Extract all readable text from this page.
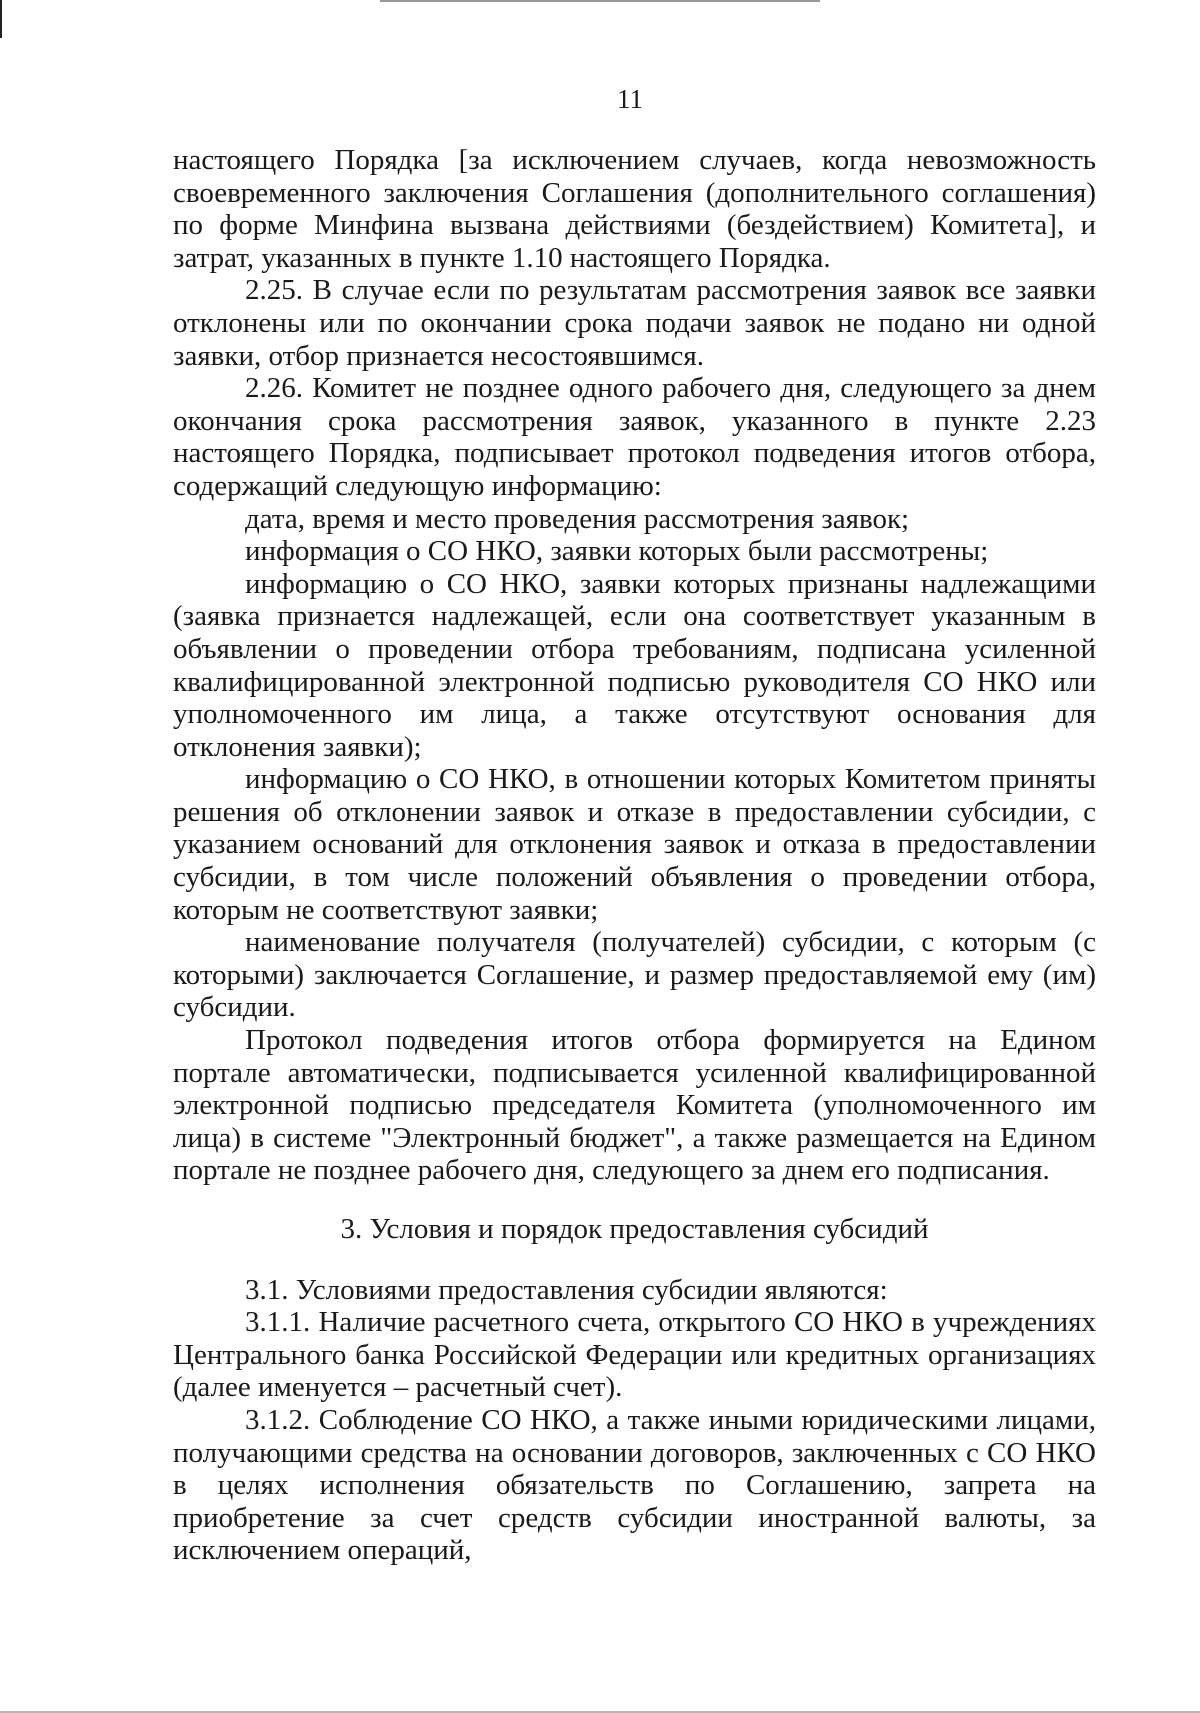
11

настоящего Порядка [за исключением случаев, когда невозможность своевременного заключения Соглашения (дополнительного соглашения) по форме Минфина вызвана действиями (бездействием) Комитета], и затрат, указанных в пункте 1.10 настоящего Порядка.

2.25. В случае если по результатам рассмотрения заявок все заявки отклонены или по окончании срока подачи заявок не подано ни одной заявки, отбор признается несостоявшимся.

2.26. Комитет не позднее одного рабочего дня, следующего за днем окончания срока рассмотрения заявок, указанного в пункте 2.23 настоящего Порядка, подписывает протокол подведения итогов отбора, содержащий следующую информацию:

дата, время и место проведения рассмотрения заявок;

информация о СО НКО, заявки которых были рассмотрены;

информацию о СО НКО, заявки которых признаны надлежащими (заявка признается надлежащей, если она соответствует указанным в объявлении о проведении отбора требованиям, подписана усиленной квалифицированной электронной подписью руководителя СО НКО или уполномоченного им лица, а также отсутствуют основания для отклонения заявки);

информацию о СО НКО, в отношении которых Комитетом приняты решения об отклонении заявок и отказе в предоставлении субсидии, с указанием оснований для отклонения заявок и отказа в предоставлении субсидии, в том числе положений объявления о проведении отбора, которым не соответствуют заявки;

наименование получателя (получателей) субсидии, с которым (с которыми) заключается Соглашение, и размер предоставляемой ему (им) субсидии.

Протокол подведения итогов отбора формируется на Едином портале автоматически, подписывается усиленной квалифицированной электронной подписью председателя Комитета (уполномоченного им лица) в системе "Электронный бюджет", а также размещается на Едином портале не позднее рабочего дня, следующего за днем его подписания.

3. Условия и порядок предоставления субсидий

3.1. Условиями предоставления субсидии являются:

3.1.1. Наличие расчетного счета, открытого СО НКО в учреждениях Центрального банка Российской Федерации или кредитных организациях (далее именуется – расчетный счет).

3.1.2. Соблюдение СО НКО, а также иными юридическими лицами, получающими средства на основании договоров, заключенных с СО НКО в целях исполнения обязательств по Соглашению, запрета на приобретение за счет средств субсидии иностранной валюты, за исключением операций,
